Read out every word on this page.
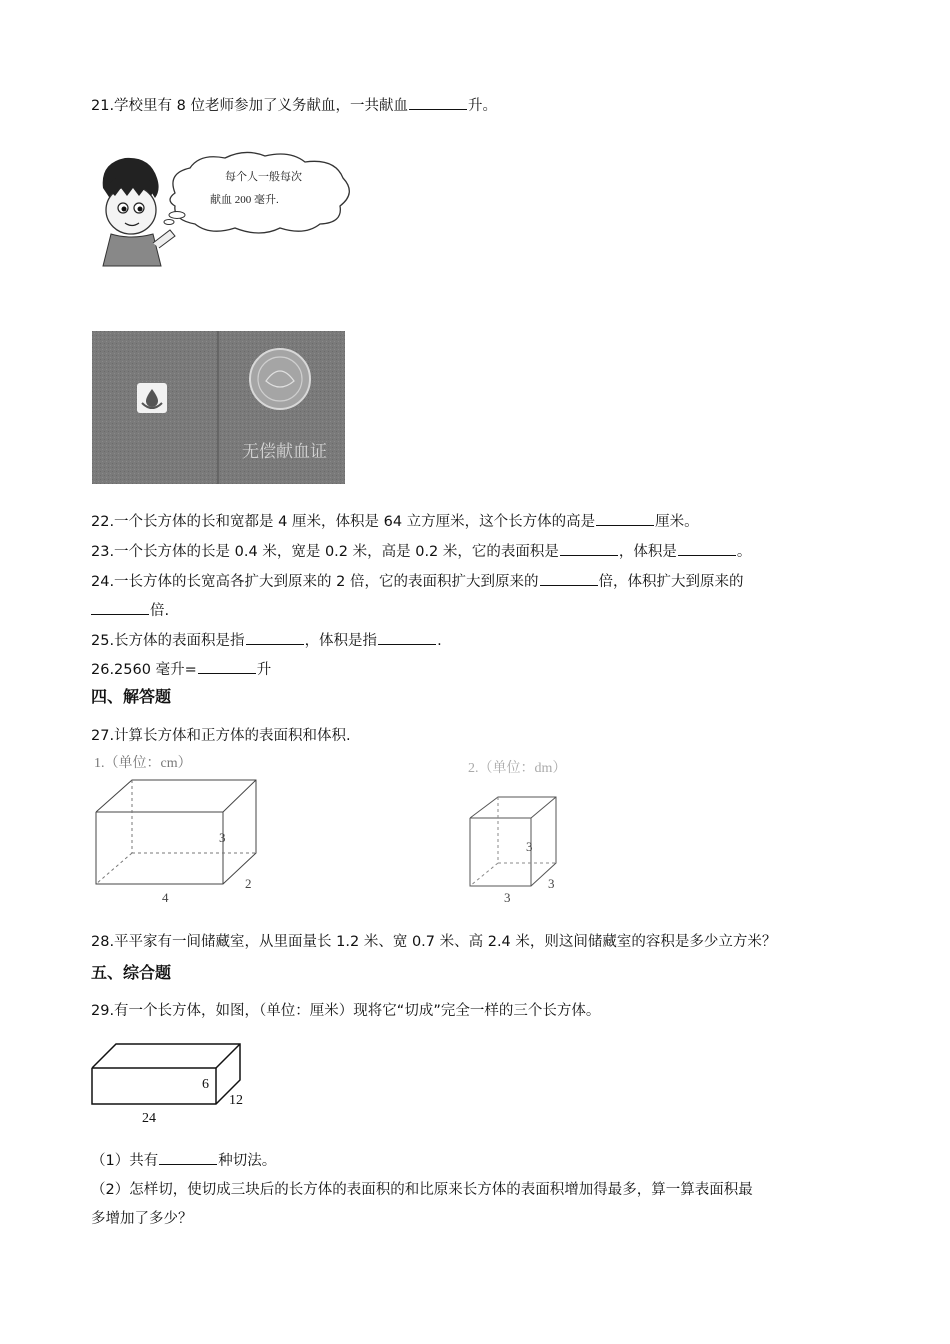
21.学校里有 8 位老师参加了义务献血，一共献血	升。
每个人一般每次
献血 200 毫升.
无偿献血证
22.一个长方体的长和宽都是 4 厘米，体积是 64 立方厘米，这个长方体的高是	厘米。
23.一个长方体的长是 0.4 米，宽是 0.2 米，高是 0.2 米，它的表面积是	，体积是	。
24.一长方体的长宽高各扩大到原来的 2 倍，它的表面积扩大到原来的	倍，体积扩大到原来的
倍.
25.长方体的表面积是指	，体积是指	.
26.2560 毫升=	升
四、解答题
27.计算长方体和正方体的表面积和体积.
1.（单位：cm）
3
2
4
2.（单位：dm）
3
3
3
28.平平家有一间储藏室，从里面量长 1.2 米、宽 0.7 米、高 2.4 米，则这间储藏室的容积是多少立方米？
五、综合题
29.有一个长方体，如图，（单位：厘米）现将它“切成”完全一样的三个长方体。
6
12
24
（1）共有	种切法。
（2）怎样切，使切成三块后的长方体的表面积的和比原来长方体的表面积增加得最多，算一算表面积最
多增加了多少？
